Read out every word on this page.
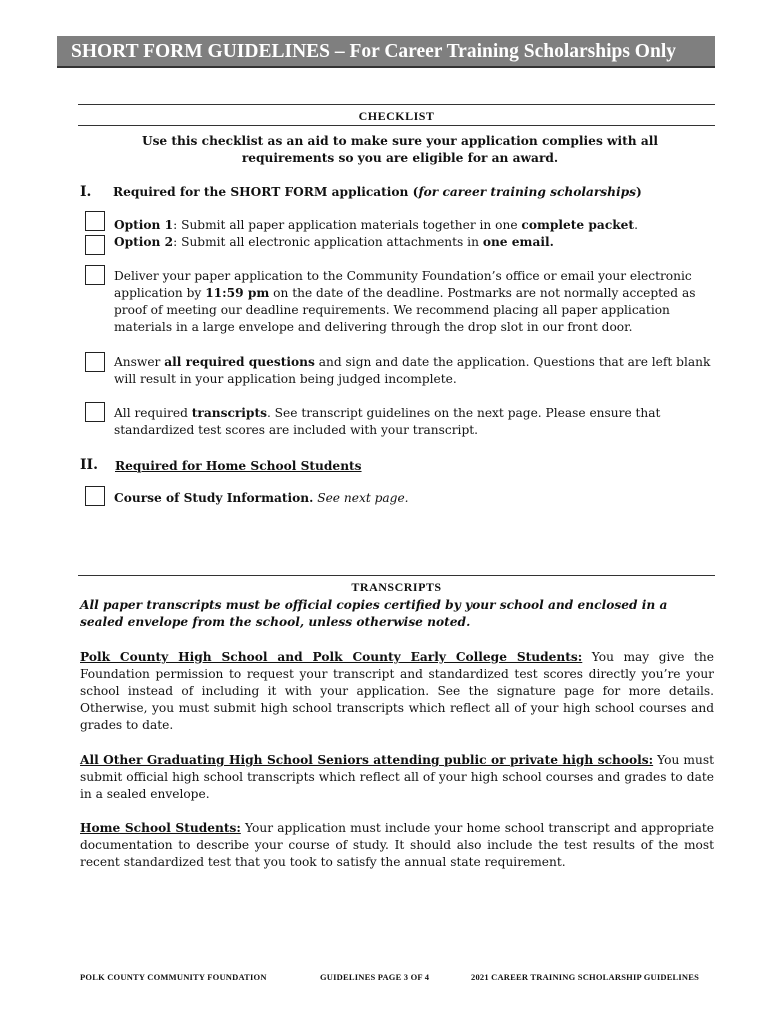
SHORT FORM GUIDELINES – For Career Training Scholarships Only
CHECKLIST
Use this checklist as an aid to make sure your application complies with all requirements so you are eligible for an award.
I. Required for the SHORT FORM application (for career training scholarships)
Option 1: Submit all paper application materials together in one complete packet.
Option 2: Submit all electronic application attachments in one email.
Deliver your paper application to the Community Foundation’s office or email your electronic application by 11:59 pm on the date of the deadline. Postmarks are not normally accepted as proof of meeting our deadline requirements. We recommend placing all paper application materials in a large envelope and delivering through the drop slot in our front door.
Answer all required questions and sign and date the application. Questions that are left blank will result in your application being judged incomplete.
All required transcripts. See transcript guidelines on the next page. Please ensure that standardized test scores are included with your transcript.
II. Required for Home School Students
Course of Study Information. See next page.
TRANSCRIPTS
All paper transcripts must be official copies certified by your school and enclosed in a sealed envelope from the school, unless otherwise noted.
Polk County High School and Polk County Early College Students: You may give the Foundation permission to request your transcript and standardized test scores directly you’re your school instead of including it with your application. See the signature page for more details. Otherwise, you must submit high school transcripts which reflect all of your high school courses and grades to date.
All Other Graduating High School Seniors attending public or private high schools: You must submit official high school transcripts which reflect all of your high school courses and grades to date in a sealed envelope.
Home School Students: Your application must include your home school transcript and appropriate documentation to describe your course of study. It should also include the test results of the most recent standardized test that you took to satisfy the annual state requirement.
POLK COUNTY COMMUNITY FOUNDATION	GUIDELINES PAGE 3 OF 4	2021 CAREER TRAINING SCHOLARSHIP GUIDELINES
